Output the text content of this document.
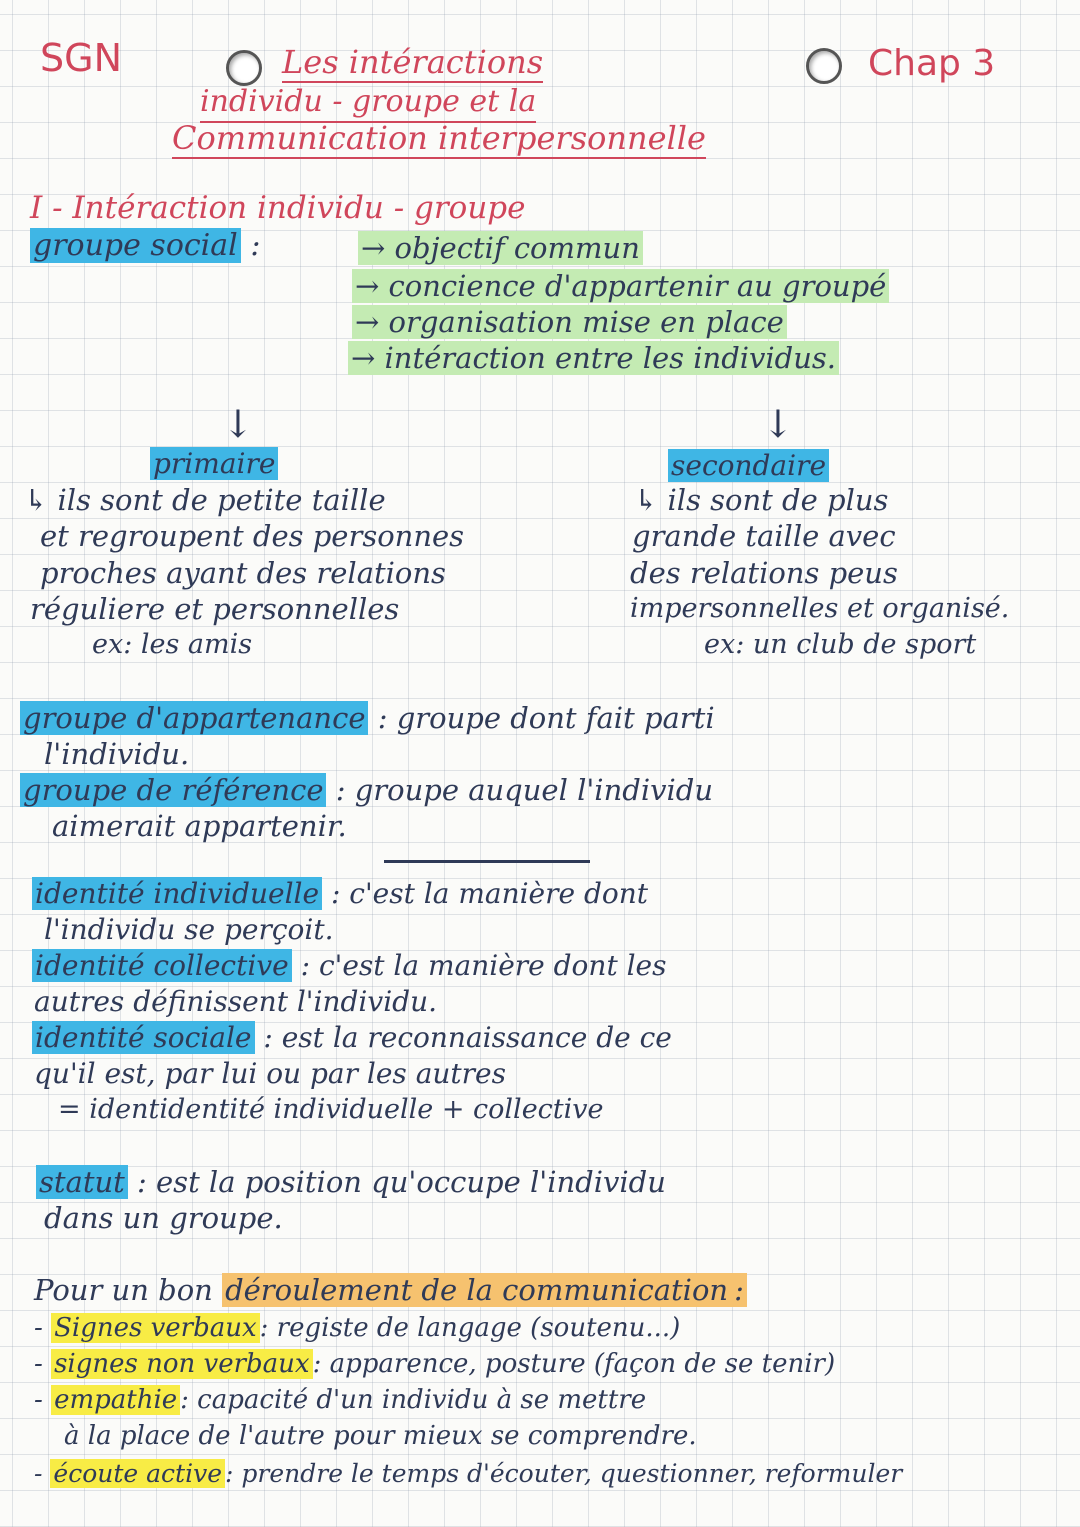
SGN	Chap 3
Les intéractions
individu - groupe et la
Communication interpersonnelle
I - Intéraction individu - groupe
groupe social :	→ objectif commun
→ concience d'appartenir au groupé
→ organisation mise en place
→ intéraction entre les individus.
↓	↓
primaire
↳ ils sont de petite taille
et regroupent des personnes
proches ayant des relations
réguliere et personnelles
ex: les amis
secondaire
↳ ils sont de plus
grande taille avec
des relations peus
impersonnelles et organisé.
ex: un club de sport
groupe d'appartenance : groupe dont fait parti
l'individu.
groupe de référence : groupe auquel l'individu
aimerait appartenir.
identité individuelle : c'est la manière dont
l'individu se perçoit.
identité collective : c'est la manière dont les
autres définissent l'individu.
identité sociale : est la reconnaissance de ce
qu'il est, par lui ou par les autres
= identidentité individuelle + collective
statut : est la position qu'occupe l'individu
dans un groupe.
Pour un bon déroulement de la communication :
- Signes verbaux : registe de langage (soutenu...)
- signes non verbaux : apparence, posture (façon de se tenir)
- empathie : capacité d'un individu à se mettre
à la place de l'autre pour mieux se comprendre.
- écoute active : prendre le temps d'écouter, questionner, reformuler
